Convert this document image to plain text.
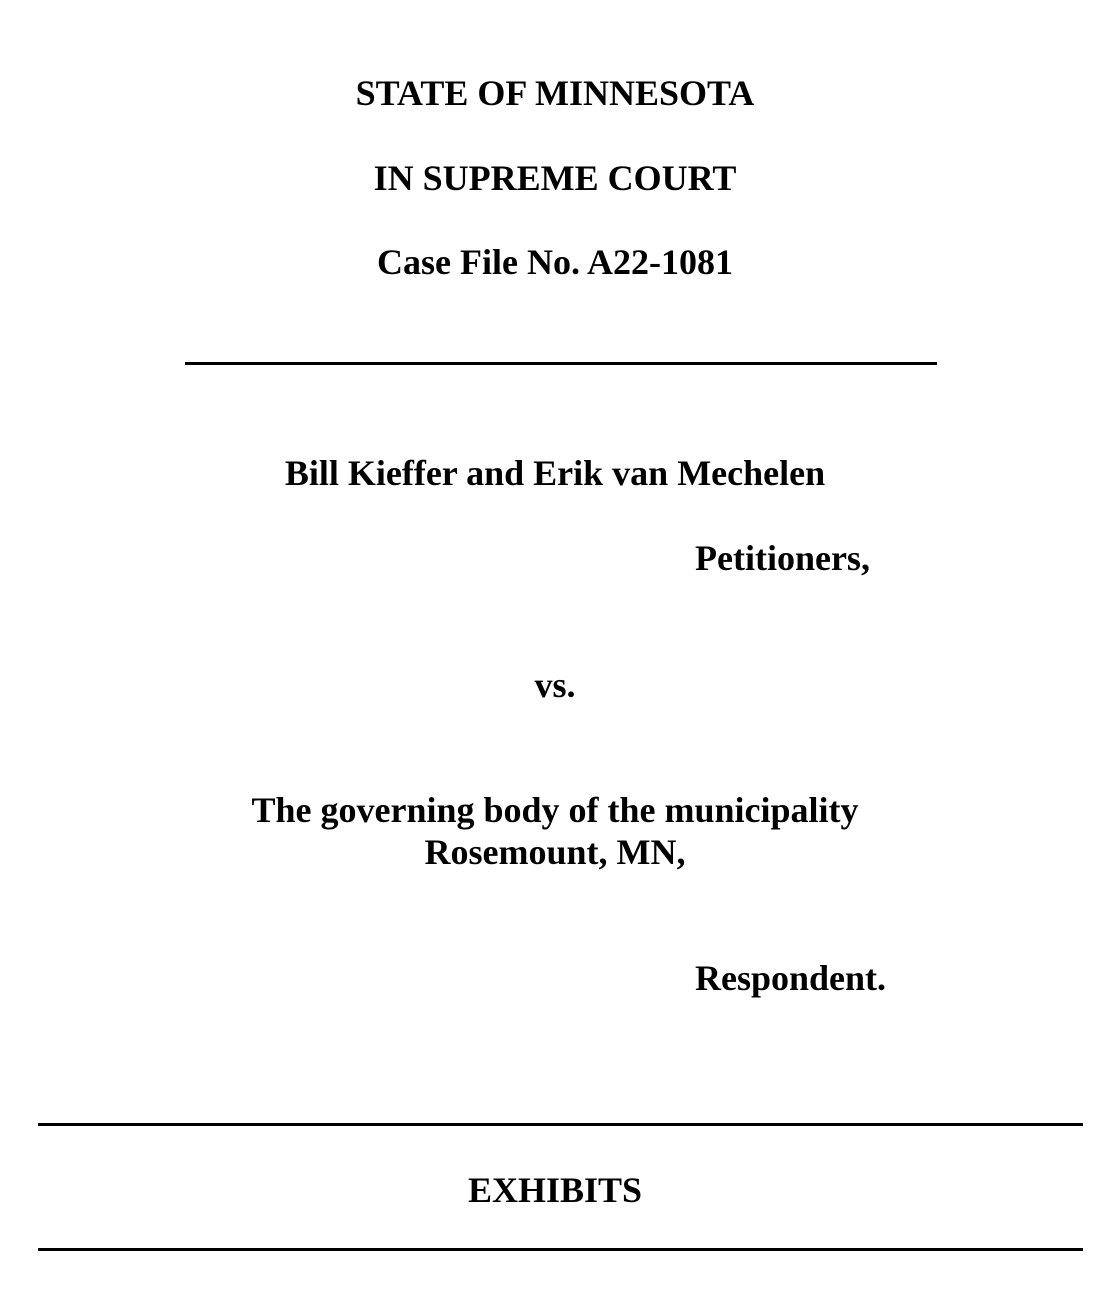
STATE OF MINNESOTA
IN SUPREME COURT
Case File No. A22-1081
Bill Kieffer and Erik van Mechelen
Petitioners,
vs.
The governing body of the municipality
Rosemount, MN,
Respondent.
EXHIBITS
